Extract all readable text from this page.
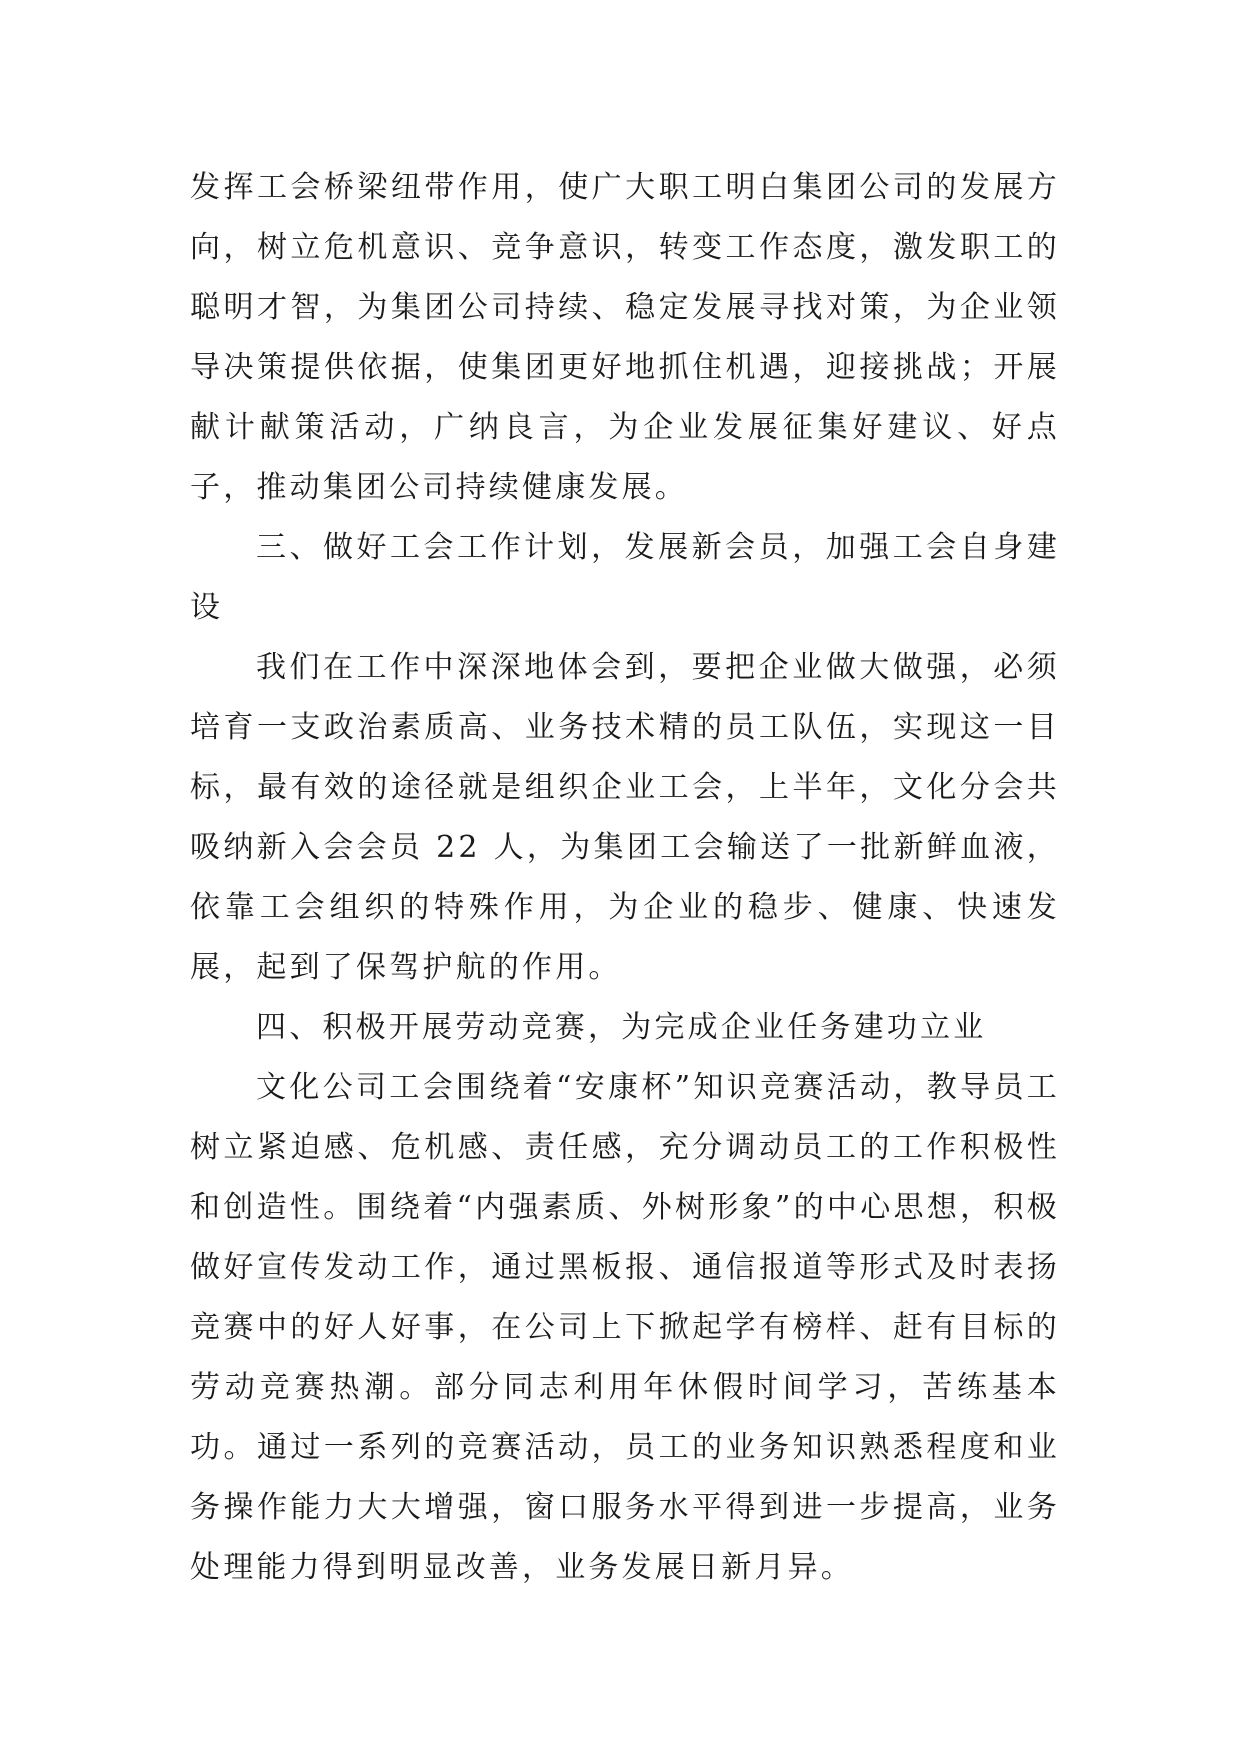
发挥工会桥梁纽带作用，使广大职工明白集团公司的发展方向，树立危机意识、竞争意识，转变工作态度，激发职工的聪明才智，为集团公司持续、稳定发展寻找对策，为企业领导决策提供依据，使集团更好地抓住机遇，迎接挑战；开展献计献策活动，广纳良言，为企业发展征集好建议、好点子，推动集团公司持续健康发展。

三、做好工会工作计划，发展新会员，加强工会自身建设

我们在工作中深深地体会到，要把企业做大做强，必须培育一支政治素质高、业务技术精的员工队伍，实现这一目标，最有效的途径就是组织企业工会，上半年，文化分会共吸纳新入会会员 22 人，为集团工会输送了一批新鲜血液，依靠工会组织的特殊作用，为企业的稳步、健康、快速发展，起到了保驾护航的作用。

四、积极开展劳动竞赛，为完成企业任务建功立业

文化公司工会围绕着“安康杯”知识竞赛活动，教导员工树立紧迫感、危机感、责任感，充分调动员工的工作积极性和创造性。围绕着“内强素质、外树形象”的中心思想，积极做好宣传发动工作，通过黑板报、通信报道等形式及时表扬竞赛中的好人好事，在公司上下掀起学有榜样、赶有目标的劳动竞赛热潮。部分同志利用年休假时间学习，苦练基本功。通过一系列的竞赛活动，员工的业务知识熟悉程度和业务操作能力大大增强，窗口服务水平得到进一步提高，业务处理能力得到明显改善，业务发展日新月异。
